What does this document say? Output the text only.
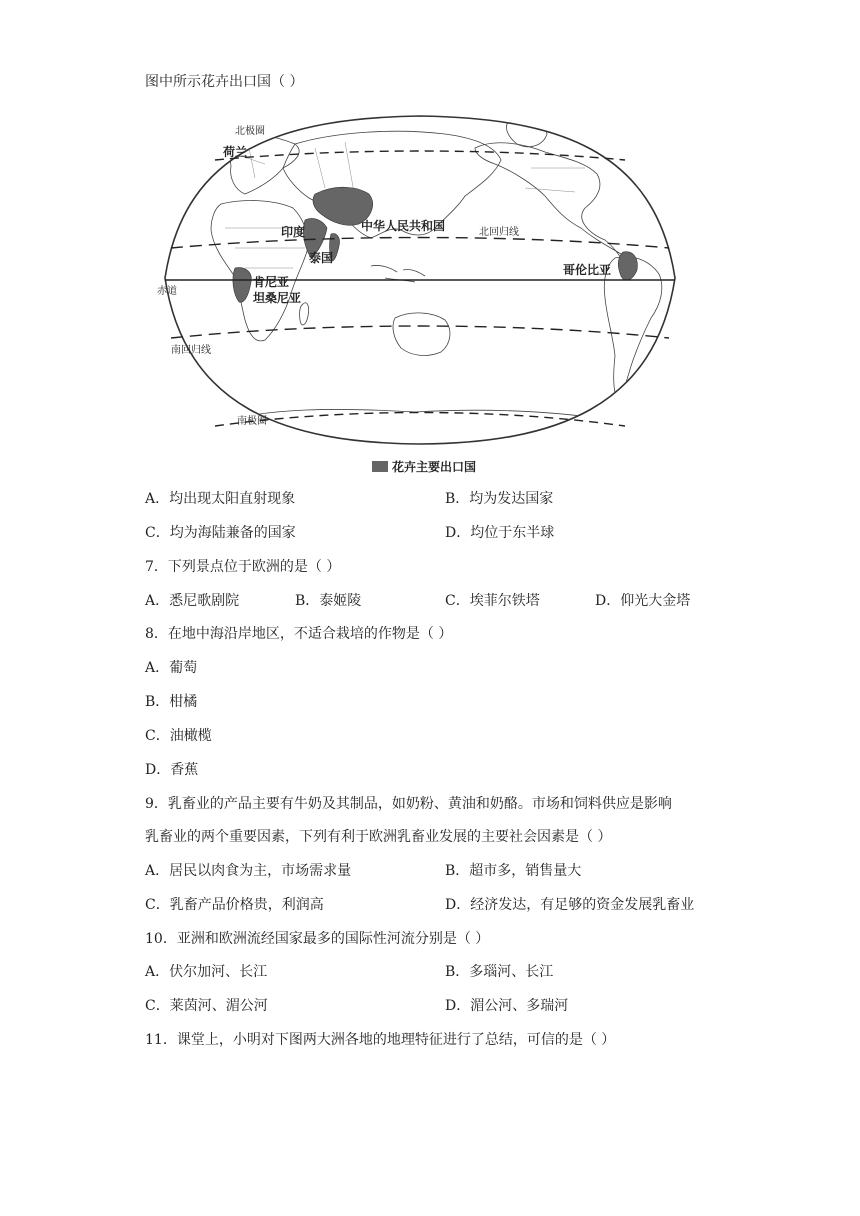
图中所示花卉出口国（ ）
北极圈
荷兰
中华人民共和国
印度
泰国
北回归线
赤道
肯尼亚
坦桑尼亚
哥伦比亚
南回归线
南极圈
花卉主要出口国
A．均出现太阳直射现象	B．均为发达国家
C．均为海陆兼备的国家	D．均位于东半球
7．下列景点位于欧洲的是（ ）
A．悉尼歌剧院	B．泰姬陵	C．埃菲尔铁塔	D．仰光大金塔
8．在地中海沿岸地区，不适合栽培的作物是（ ）
A．葡萄
B．柑橘
C．油橄榄
D．香蕉
9．乳畜业的产品主要有牛奶及其制品，如奶粉、黄油和奶酪。市场和饲料供应是影响
乳畜业的两个重要因素，下列有利于欧洲乳畜业发展的主要社会因素是（ ）
A．居民以肉食为主，市场需求量	B．超市多，销售量大
C．乳畜产品价格贵，利润高	D．经济发达，有足够的资金发展乳畜业
10．亚洲和欧洲流经国家最多的国际性河流分别是（ ）
A．伏尔加河、长江	B．多瑙河、长江
C．莱茵河、湄公河	D．湄公河、多瑞河
11．课堂上，小明对下图两大洲各地的地理特征进行了总结，可信的是（ ）
